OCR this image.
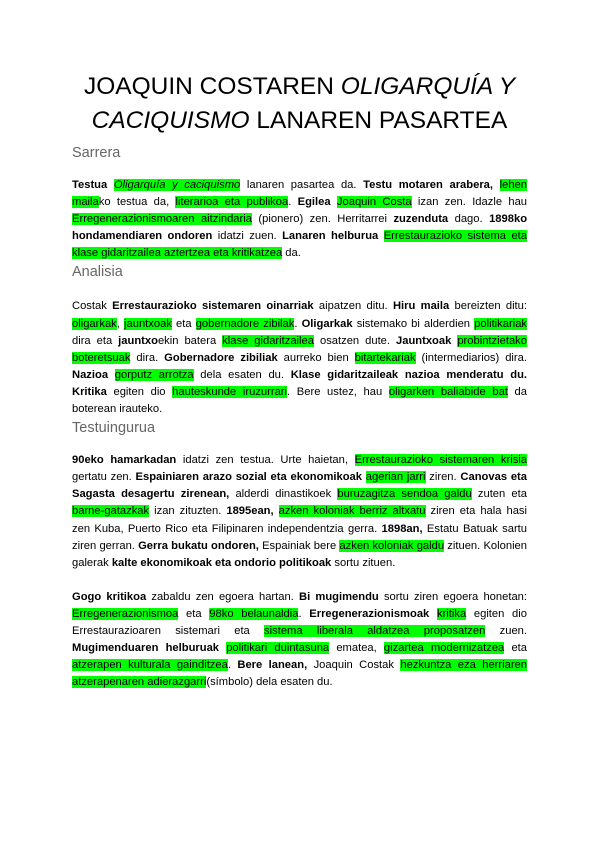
JOAQUIN COSTAREN OLIGARQUÍA Y CACIQUISMO LANAREN PASARTEA
Sarrera

Testua Oligarquía y caciquismo lanaren pasartea da. Testu motaren arabera, lehen mailako testua da, literarioa eta publikoa. Egilea Joaquin Costa izan zen. Idazle hau Erregenerazionismoaren aitzindaria (pionero) zen. Herritarrei zuzenduta dago. 1898ko hondamendiaren ondoren idatzi zuen. Lanaren helburua Errestaurazioko sistema eta klase gidaritzailea aztertzea eta kritikatzea da.

Analisia

Costak Errestaurazioko sistemaren oinarriak aipatzen ditu. Hiru maila bereizten ditu: oligarkak, jauntxoak eta gobernadore zibilak. Oligarkak sistemako bi alderdien politikariak dira eta jauntxoekin batera klase gidaritzailea osatzen dute. Jauntxoak probintzietako boteretsuak dira. Gobernadore zibiliak aurreko bien bitartekariak (intermediarios) dira. Nazioa gorputz arrotza dela esaten du. Klase gidaritzaileak nazioa menderatu du. Kritika egiten dio hauteskunde iruzurrari. Bere ustez, hau oligarken baliabide bat da boterean irauteko.

Testuingurua

90eko hamarkadan idatzi zen testua. Urte haietan, Errestaurazioko sistemaren krisia gertatu zen. Espainiaren arazo sozial eta ekonomikoak agerian jarri ziren. Canovas eta Sagasta desagertu zirenean, alderdi dinastikoek buruzagitza sendoa galdu zuten eta barne-gatazkak izan zituzten. 1895ean, azken koloniak berriz altxatu ziren eta hala hasi zen Kuba, Puerto Rico eta Filipinaren independentzia gerra. 1898an, Estatu Batuak sartu ziren gerran. Gerra bukatu ondoren, Espainiak bere azken koloniak galdu zituen. Kolonien galerak kalte ekonomikoak eta ondorio politikoak sortu zituen.

Gogo kritikoa zabaldu zen egoera hartan. Bi mugimendu sortu ziren egoera honetan: Erregenerazionismoa eta 98ko belaunaldia. Erregenerazionismoak kritika egiten dio Errestaurazioaren sistemari eta sistema liberala aldatzea proposatzen zuen. Mugimenduaren helburuak politikari duintasuna ematea, gizartea modernizatzea eta atzerapen kulturala gainditzea. Bere lanean, Joaquin Costak hezkuntza eza herriaren atzerapenaren adierazgarri(símbolo) dela esaten du.
